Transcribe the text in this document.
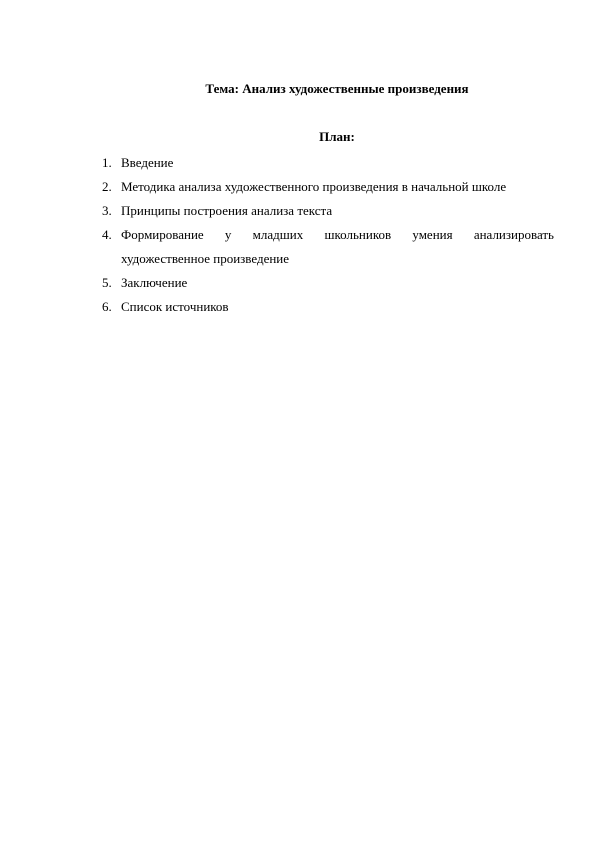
Тема: Анализ художественные произведения
План:
1. Введение
2. Методика анализа художественного произведения в начальной школе
3. Принципы построения анализа текста
4. Формирование у младших школьников умения анализировать художественное произведение
5. Заключение
6. Список источников
